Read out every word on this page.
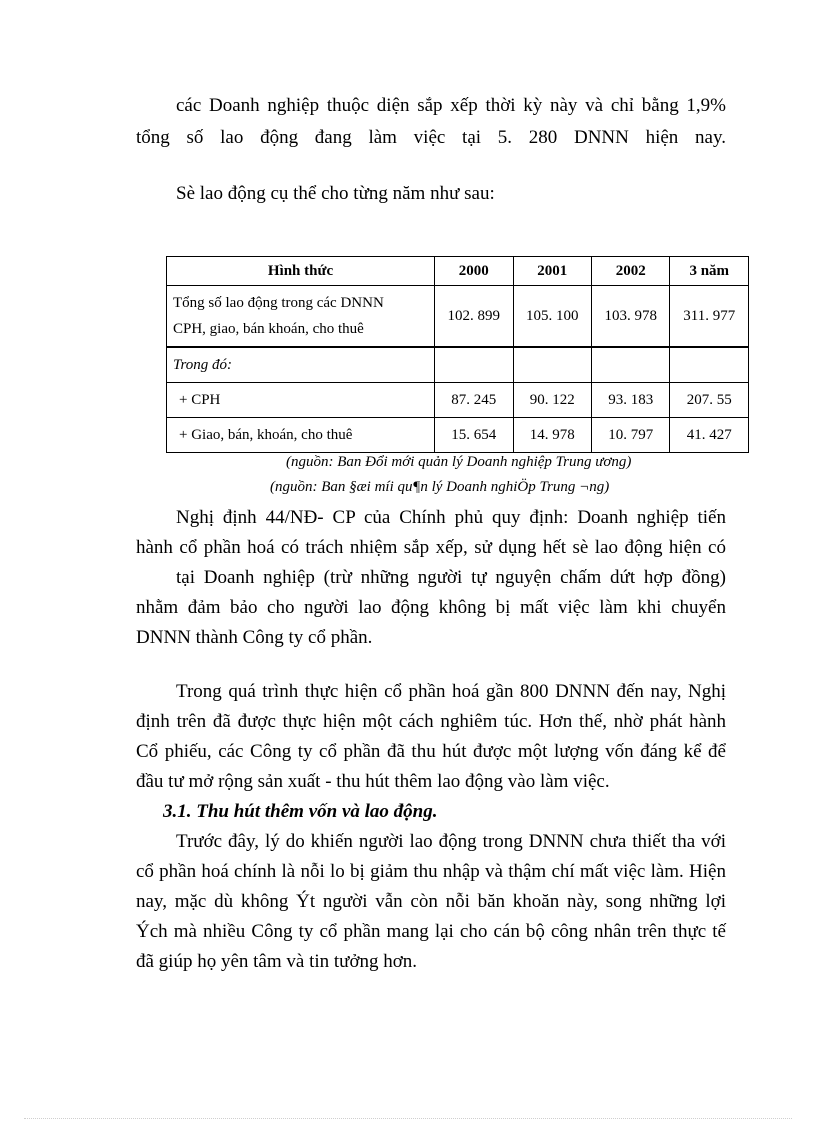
các Doanh nghiệp thuộc diện sắp xếp thời kỳ này và chỉ bằng 1,9%
tổng số lao động đang làm việc tại 5. 280 DNNN hiện nay.
Sè lao động cụ thể cho từng năm như sau:
Hình thức	2000	2001	2002	3 năm
Tổng số lao động trong các DNNN
CPH, giao, bán khoán, cho thuê	102. 899	105. 100	103. 978	311. 977
Trong đó:				
+ CPH	87. 245	90. 122	93. 183	207. 55
+ Giao, bán, khoán, cho thuê	15. 654	14. 978	10. 797	41. 427
(nguồn: Ban Đổi mới quản lý Doanh nghiệp Trung ương)
(nguồn: Ban §æi míi qu¶n lý Doanh nghiÖp Trung ¬ng)
Nghị định 44/NĐ- CP của Chính phủ quy định: Doanh nghiệp tiến
hành cổ phần hoá có trách nhiệm sắp xếp, sử dụng hết sè lao động hiện có
tại Doanh nghiệp (trừ những người tự nguyện chấm dứt hợp đồng)
nhằm đảm bảo cho người lao động không bị mất việc làm khi chuyển
DNNN thành Công ty cổ phần.
Trong quá trình thực hiện cổ phần hoá gần 800 DNNN đến nay, Nghị
định trên đã được thực hiện một cách nghiêm túc. Hơn thế, nhờ phát hành
Cổ phiếu, các Công ty cổ phần đã thu hút được một lượng vốn đáng kể để
đầu tư mở rộng sản xuất - thu hút thêm lao động vào làm việc.
3.1. Thu hút thêm vốn và lao động.
Trước đây, lý do khiến người lao động trong DNNN chưa thiết tha với
cổ phần hoá chính là nỗi lo bị giảm thu nhập và thậm chí mất việc làm. Hiện
nay, mặc dù không Ýt người vẫn còn nỗi băn khoăn này, song những lợi
Ých mà nhiều Công ty cổ phần mang lại cho cán bộ công nhân trên thực tế
đã giúp họ yên tâm và tin tưởng hơn.
